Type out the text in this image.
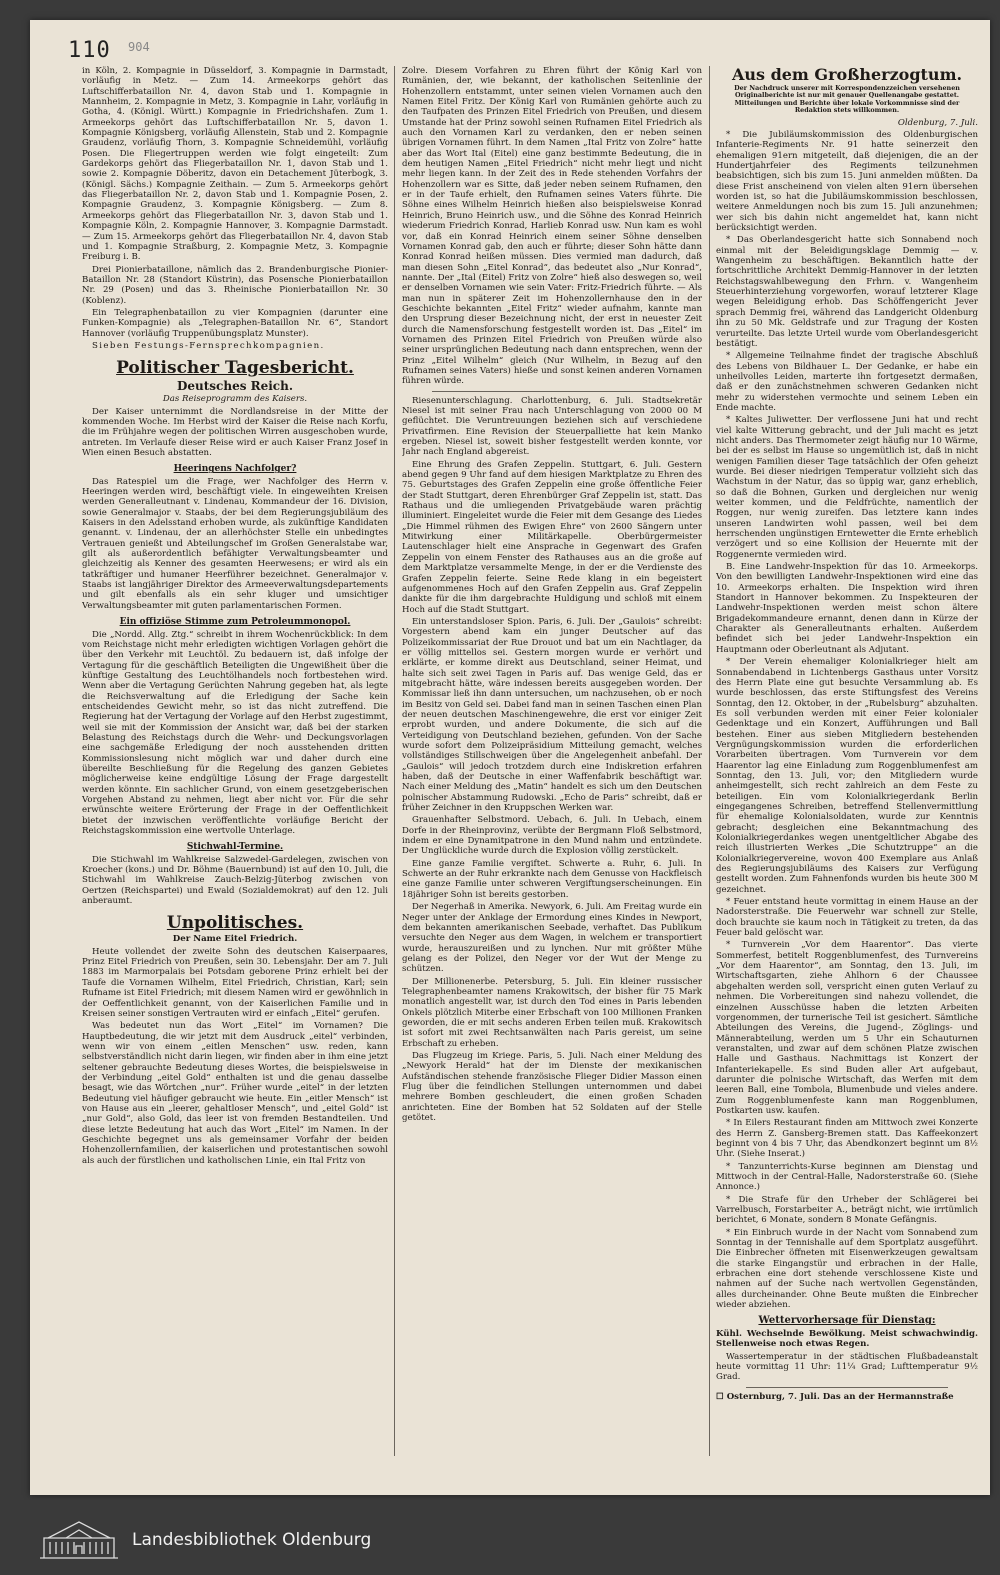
110 904

in Köln, 2. Kompagnie in Düsseldorf, 3. Kompagnie in Darmstadt, vorläufig in Metz. — Zum 14. Armeekorps gehört das Luftschifferbataillon Nr. 4, davon Stab und 1. Kompagnie in Mannheim, 2. Kompagnie in Metz, 3. Kompagnie in Lahr, vorläufig in Gotha, 4. (Königl. Württ.) Kompagnie in Friedrichshafen. Zum 1. Armeekorps gehört das Luftschifferbataillon Nr. 5, davon 1. Kompagnie Königsberg, vorläufig Allenstein, Stab und 2. Kompagnie Graudenz, vorläufig Thorn, 3. Kompagnie Schneidemühl, vorläufig Posen. Die Fliegertruppen werden wie folgt eingeteilt: Zum Gardekorps gehört das Fliegerbataillon Nr. 1, davon Stab und 1. sowie 2. Kompagnie Döberitz, davon ein Detachement Jüterbogk, 3. (Königl. Sächs.) Kompagnie Zeithain. — Zum 5. Armeekorps gehört das Fliegerbataillon Nr. 2, davon Stab und 1. Kompagnie Posen, 2. Kompagnie Graudenz, 3. Kompagnie Königsberg. — Zum 8. Armeekorps gehört das Fliegerbataillon Nr. 3, davon Stab und 1. Kompagnie Köln, 2. Kompagnie Hannover, 3. Kompagnie Darmstadt. — Zum 15. Armeekorps gehört das Fliegerbataillon Nr. 4, davon Stab und 1. Kompagnie Straßburg, 2. Kompagnie Metz, 3. Kompagnie Freiburg i. B.

Drei Pionierbataillone, nämlich das 2. Brandenburgische Pionier-Bataillon Nr. 28 (Standort Küstrin), das Posensche Pionierbataillon Nr. 29 (Posen) und das 3. Rheinische Pionierbataillon Nr. 30 (Koblenz).

Ein Telegraphenbataillon zu vier Kompagnien (darunter eine Funken-Kompagnie) als „Telegraphen-Bataillon Nr. 6“, Standort Hannover (vorläufig Truppenübungsplatz Munster).

Sieben Festungs-Fernsprechkompagnien.

Politischer Tagesbericht.
Deutsches Reich.
Das Reiseprogramm des Kaisers.

Der Kaiser unternimmt die Nordlandsreise in der Mitte der kommenden Woche. Im Herbst wird der Kaiser die Reise nach Korfu, die im Frühjahre wegen der politischen Wirren ausgeschoben wurde, antreten. Im Verlaufe dieser Reise wird er auch Kaiser Franz Josef in Wien einen Besuch abstatten.

Heeringens Nachfolger?

Das Ratespiel um die Frage, wer Nachfolger des Herrn v. Heeringen werden wird, beschäftigt viele. In eingeweihten Kreisen werden Generalleutnant v. Lindenau, Kommandeur der 16. Division, sowie Generalmajor v. Staabs, der bei dem Regierungsjubiläum des Kaisers in den Adelsstand erhoben wurde, als zukünftige Kandidaten genannt. v. Lindenau, der an allerhöchster Stelle ein unbedingtes Vertrauen genießt und Abteilungschef im Großen Generalstabe war, gilt als außerordentlich befähigter Verwaltungsbeamter und gleichzeitig als Kenner des gesamten Heerwesens; er wird als ein tatkräftiger und humaner Heerführer bezeichnet. Generalmajor v. Staabs ist langjähriger Direktor des Armeeverwaltungsdepartements und gilt ebenfalls als ein sehr kluger und umsichtiger Verwaltungsbeamter mit guten parlamentarischen Formen.

Ein offiziöse Stimme zum Petroleummonopol.

Die „Nordd. Allg. Ztg.“ schreibt in ihrem Wochenrückblick: In dem vom Reichstage nicht mehr erledigten wichtigen Vorlagen gehört die über den Verkehr mit Leuchtöl. Zu bedauern ist, daß infolge der Vertagung für die geschäftlich Beteiligten die Ungewißheit über die künftige Gestaltung des Leuchtölhandels noch fortbestehen wird. Wenn aber die Vertagung Gerüchten Nahrung gegeben hat, als legte die Reichsverwaltung auf die Erledigung der Sache kein entscheidendes Gewicht mehr, so ist das nicht zutreffend. Die Regierung hat der Vertagung der Vorlage auf den Herbst zugestimmt, weil sie mit der Kommission der Ansicht war, daß bei der starken Belastung des Reichstags durch die Wehr- und Deckungsvorlagen eine sachgemäße Erledigung der noch ausstehenden dritten Kommissionslesung nicht möglich war und daher durch eine übereilte Beschließung für die Regelung des ganzen Gebietes möglicherweise keine endgültige Lösung der Frage dargestellt werden könnte. Ein sachlicher Grund, von einem gesetzgeberischen Vorgehen Abstand zu nehmen, liegt aber nicht vor. Für die sehr erwünschte weitere Erörterung der Frage in der Oeffentlichkeit bietet der inzwischen veröffentlichte vorläufige Bericht der Reichstagskommission eine wertvolle Unterlage.

Stichwahl-Termine.

Die Stichwahl im Wahlkreise Salzwedel-Gardelegen, zwischen von Kroecher (kons.) und Dr. Böhme (Bauernbund) ist auf den 10. Juli, die Stichwahl im Wahlkreise Zauch-Belzig-Jüterbog zwischen von Oertzen (Reichspartei) und Ewald (Sozialdemokrat) auf den 12. Juli anberaumt.

Unpolitisches.
Der Name Eitel Friedrich.

Heute vollendet der zweite Sohn des deutschen Kaiserpaares, Prinz Eitel Friedrich von Preußen, sein 30. Lebensjahr. Der am 7. Juli 1883 im Marmorpalais bei Potsdam geborene Prinz erhielt bei der Taufe die Vornamen Wilhelm, Eitel Friedrich, Christian, Karl; sein Rufname ist Eitel Friedrich; mit diesem Namen wird er gewöhnlich in der Oeffentlichkeit genannt, von der Kaiserlichen Familie und in Kreisen seiner sonstigen Vertrauten wird er einfach „Eitel“ gerufen.

Was bedeutet nun das Wort „Eitel“ im Vornamen? Die Hauptbedeutung, die wir jetzt mit dem Ausdruck „eitel“ verbinden, wenn wir von einem „eitlen Menschen“ usw. reden, kann selbstverständlich nicht darin liegen, wir finden aber in ihm eine jetzt seltener gebrauchte Bedeutung dieses Wortes, die beispielsweise in der Verbindung „eitel Gold“ enthalten ist und die genau dasselbe besagt, wie das Wörtchen „nur“. Früher wurde „eitel“ in der letzten Bedeutung viel häufiger gebraucht wie heute. Ein „eitler Mensch“ ist von Hause aus ein „leerer, gehaltloser Mensch“, und „eitel Gold“ ist „nur Gold“, also Gold, das leer ist von fremden Bestandteilen. Und diese letzte Bedeutung hat auch das Wort „Eitel“ im Namen. In der Geschichte begegnet uns als gemeinsamer Vorfahr der beiden Hohenzollernfamilien, der kaiserlichen und protestantischen sowohl als auch der fürstlichen und katholischen Linie, ein Ital Fritz von

Zolre. Diesem Vorfahren zu Ehren führt der König Karl von Rumänien, der, wie bekannt, der katholischen Seitenlinie der Hohenzollern entstammt, unter seinen vielen Vornamen auch den Namen Eitel Fritz. Der König Karl von Rumänien gehörte auch zu den Taufpaten des Prinzen Eitel Friedrich von Preußen, und diesem Umstande hat der Prinz sowohl seinen Rufnamen Eitel Friedrich als auch den Vornamen Karl zu verdanken, den er neben seinen übrigen Vornamen führt. In dem Namen „Ital Fritz von Zolre“ hatte aber das Wort Ital (Eitel) eine ganz bestimmte Bedeutung, die in dem heutigen Namen „Eitel Friedrich“ nicht mehr liegt und nicht mehr liegen kann. In der Zeit des in Rede stehenden Vorfahrs der Hohenzollern war es Sitte, daß jeder neben seinem Rufnamen, den er in der Taufe erhielt, den Rufnamen seines Vaters führte. Die Söhne eines Wilhelm Heinrich hießen also beispielsweise Konrad Heinrich, Bruno Heinrich usw., und die Söhne des Konrad Heinrich wiederum Friedrich Konrad, Harlieb Konrad usw. Nun kam es wohl vor, daß ein Konrad Heinrich einem seiner Söhne denselben Vornamen Konrad gab, den auch er führte; dieser Sohn hätte dann Konrad Konrad heißen müssen. Dies vermied man dadurch, daß man diesen Sohn „Eitel Konrad“, das bedeutet also „Nur Konrad“, nannte. Der „Ital (Eitel) Fritz von Zolre“ hieß also deswegen so, weil er denselben Vornamen wie sein Vater: Fritz-Friedrich führte. — Als man nun in späterer Zeit im Hohenzollernhause den in der Geschichte bekannten „Eitel Fritz“ wieder aufnahm, kannte man den Ursprung dieser Bezeichnung nicht, der erst in neuester Zeit durch die Namensforschung festgestellt worden ist. Das „Eitel“ im Vornamen des Prinzen Eitel Friedrich von Preußen würde also seiner ursprünglichen Bedeutung nach dann entsprechen, wenn der Prinz „Eitel Wilhelm“ gleich (Nur Wilhelm, in Bezug auf den Rufnamen seines Vaters) hieße und sonst keinen anderen Vornamen führen würde.

Riesenunterschlagung. Charlottenburg, 6. Juli. Stadtsekretär Niesel ist mit seiner Frau nach Unterschlagung von 2000 00 M geflüchtet. Die Veruntreuungen beziehen sich auf verschiedene Privatfirmen. Eine Revision der Steuerpalliette hat kein Manko ergeben. Niesel ist, soweit bisher festgestellt werden konnte, vor Jahr nach England abgereist.

Eine Ehrung des Grafen Zeppelin. Stuttgart, 6. Juli. Gestern abend gegen 9 Uhr fand auf dem hiesigen Marktplatze zu Ehren des 75. Geburtstages des Grafen Zeppelin eine große öffentliche Feier der Stadt Stuttgart, deren Ehrenbürger Graf Zeppelin ist, statt. Das Rathaus und die umliegenden Privatgebäude waren prächtig illuminiert. Eingeleitet wurde die Feier mit dem Gesange des Liedes „Die Himmel rühmen des Ewigen Ehre“ von 2600 Sängern unter Mitwirkung einer Militärkapelle. Oberbürgermeister Lautenschlager hielt eine Ansprache in Gegenwart des Grafen Zeppelin von einem Fenster des Rathauses aus an die große auf dem Marktplatze versammelte Menge, in der er die Verdienste des Grafen Zeppelin feierte. Seine Rede klang in ein begeistert aufgenommenes Hoch auf den Grafen Zeppelin aus. Graf Zeppelin dankte für die ihm dargebrachte Huldigung und schloß mit einem Hoch auf die Stadt Stuttgart.

Ein unterstandsloser Spion. Paris, 6. Juli. Der „Gaulois“ schreibt: Vorgestern abend kam ein junger Deutscher auf das Polizeikommissariat der Rue Drouot und bat um ein Nachtlager, da er völlig mittellos sei. Gestern morgen wurde er verhört und erklärte, er komme direkt aus Deutschland, seiner Heimat, und halte sich seit zwei Tagen in Paris auf. Das wenige Geld, das er mitgebracht hätte, wäre indessen bereits ausgegeben worden. Der Kommissar ließ ihn dann untersuchen, um nachzusehen, ob er noch im Besitz von Geld sei. Dabei fand man in seinen Taschen einen Plan der neuen deutschen Maschinengewehre, die erst vor einiger Zeit erprobt wurden, und andere Dokumente, die sich auf die Verteidigung von Deutschland beziehen, gefunden. Von der Sache wurde sofort dem Polizeipräsidium Mitteilung gemacht, welches vollständiges Stillschweigen über die Angelegenheit anbefahl. Der „Gaulois“ will jedoch trotzdem durch eine Indiskretion erfahren haben, daß der Deutsche in einer Waffenfabrik beschäftigt war. Nach einer Meldung des „Matin“ handelt es sich um den Deutschen polnischer Abstammung Rudowski. „Echo de Paris“ schreibt, daß er früher Zeichner in den Kruppschen Werken war.

Grauenhafter Selbstmord. Uebach, 6. Juli. In Uebach, einem Dorfe in der Rheinprovinz, verübte der Bergmann Floß Selbstmord, indem er eine Dynamitpatrone in den Mund nahm und entzündete. Der Unglückliche wurde durch die Explosion völlig zerstückelt.

Eine ganze Familie vergiftet. Schwerte a. Ruhr, 6. Juli. In Schwerte an der Ruhr erkrankte nach dem Genusse von Hackfleisch eine ganze Familie unter schweren Vergiftungserscheinungen. Ein 18jähriger Sohn ist bereits gestorben.

Der Negerhaß in Amerika. Newyork, 6. Juli. Am Freitag wurde ein Neger unter der Anklage der Ermordung eines Kindes in Newport, dem bekannten amerikanischen Seebade, verhaftet. Das Publikum versuchte den Neger aus dem Wagen, in welchem er transportiert wurde, herauszureißen und zu lynchen. Nur mit größter Mühe gelang es der Polizei, den Neger vor der Wut der Menge zu schützen.

Der Millionenerbe. Petersburg, 5. Juli. Ein kleiner russischer Telegraphenbeamter namens Krakowitsch, der bisher für 75 Mark monatlich angestellt war, ist durch den Tod eines in Paris lebenden Onkels plötzlich Miterbe einer Erbschaft von 100 Millionen Franken geworden, die er mit sechs anderen Erben teilen muß. Krakowitsch ist sofort mit zwei Rechtsanwälten nach Paris gereist, um seine Erbschaft zu erheben.

Das Flugzeug im Kriege. Paris, 5. Juli. Nach einer Meldung des „Newyork Herald“ hat der im Dienste der mexikanischen Aufständischen stehende französische Flieger Didier Masson einen Flug über die feindlichen Stellungen unternommen und dabei mehrere Bomben geschleudert, die einen großen Schaden anrichteten. Eine der Bomben hat 52 Soldaten auf der Stelle getötet.

Aus dem Großherzogtum.
Der Nachdruck unserer mit Korrespondenzzeichen versehenen Originalberichte ist nur mit genauer Quellenangabe gestattet. Mitteilungen und Berichte über lokale Vorkommnisse sind der Redaktion stets willkommen.
Oldenburg, 7. Juli.

* Die Jubiläumskommission des Oldenburgischen Infanterie-Regiments Nr. 91 hatte seinerzeit den ehemaligen 91ern mitgeteilt, daß diejenigen, die an der Hundertjahrfeier des Regiments teilzunehmen beabsichtigen, sich bis zum 15. Juni anmelden müßten. Da diese Frist anscheinend von vielen alten 91ern übersehen worden ist, so hat die Jubiläumskommission beschlossen, weitere Anmeldungen noch bis zum 15. Juli anzunehmen; wer sich bis dahin nicht angemeldet hat, kann nicht berücksichtigt werden.

* Das Oberlandesgericht hatte sich Sonnabend noch einmal mit der Beleidigungsklage Demmig — v. Wangenheim zu beschäftigen. Bekanntlich hatte der fortschrittliche Architekt Demmig-Hannover in der letzten Reichstagswahlbewegung den Frhrn. v. Wangenheim Steuerhinterziehung vorgeworfen, worauf letzterer Klage wegen Beleidigung erhob. Das Schöffengericht Jever sprach Demmig frei, während das Landgericht Oldenburg ihn zu 50 Mk. Geldstrafe und zur Tragung der Kosten verurteilte. Das letzte Urteil wurde vom Oberlandesgericht bestätigt.

* Allgemeine Teilnahme findet der tragische Abschluß des Lebens von Bildhauer L. Der Gedanke, er habe ein unheilvolles Leiden, marterte ihn fortgesetzt dermaßen, daß er den zunächstnehmen schweren Gedanken nicht mehr zu widerstehen vermochte und seinem Leben ein Ende machte.

* Kaltes Juliwetter. Der verflossene Juni hat und recht viel kalte Witterung gebracht, und der Juli macht es jetzt nicht anders. Das Thermometer zeigt häufig nur 10 Wärme, bei der es selbst im Hause so ungemütlich ist, daß in nicht wenigen Familien dieser Tage tatsächlich der Ofen geheizt wurde. Bei dieser niedrigen Temperatur vollzieht sich das Wachstum in der Natur, das so üppig war, ganz erheblich, so daß die Bohnen, Gurken und dergleichen nur wenig weiter kommen, und die Feldfrüchte, namentlich der Roggen, nur wenig zureifen. Das letztere kann indes unseren Landwirten wohl passen, weil bei dem herrschenden ungünstigen Erntewetter die Ernte erheblich verzögert und so eine Kollision der Heuernte mit der Roggenernte vermieden wird.

B. Eine Landwehr-Inspektion für das 10. Armeekorps. Von den bewilligten Landwehr-Inspektionen wird eine das 10. Armeekorps erhalten. Die Inspektion wird ihren Standort in Hannover bekommen. Zu Inspekteuren der Landwehr-Inspektionen werden meist schon ältere Brigadekommandeure ernannt, denen dann in Kürze der Charakter als Generalleutnants erhalten. Außerdem befindet sich bei jeder Landwehr-Inspektion ein Hauptmann oder Oberleutnant als Adjutant.

* Der Verein ehemaliger Kolonialkrieger hielt am Sonnabendabend in Lichtenbergs Gasthaus unter Vorsitz des Herrn Plate eine gut besuchte Versammlung ab. Es wurde beschlossen, das erste Stiftungsfest des Vereins Sonntag, den 12. Oktober, in der „Rubelsburg“ abzuhalten. Es soll verbunden werden mit einer Feier kolonialer Gedenktage und ein Konzert, Aufführungen und Ball bestehen. Einer aus sieben Mitgliedern bestehenden Vergnügungskommission wurden die erforderlichen Vorarbeiten übertragen. Vom Turnverein vor dem Haarentor lag eine Einladung zum Roggenblumenfest am Sonntag, den 13. Juli, vor; den Mitgliedern wurde anheimgestellt, sich recht zahlreich an dem Feste zu beteiligen. Ein vom Kolonialkriegerdank Berlin eingegangenes Schreiben, betreffend Stellenvermittlung für ehemalige Kolonialsoldaten, wurde zur Kenntnis gebracht; desgleichen eine Bekanntmachung des Kolonialkriegerdankes wegen unentgeltlicher Abgabe des reich illustrierten Werkes „Die Schutztruppe“ an die Kolonialkriegervereine, wovon 400 Exemplare aus Anlaß des Regierungsjubiläums des Kaisers zur Verfügung gestellt worden. Zum Fahnenfonds wurden bis heute 300 M gezeichnet.

* Feuer entstand heute vormittag in einem Hause an der Nadorsterstraße. Die Feuerwehr war schnell zur Stelle, doch brauchte sie kaum noch in Tätigkeit zu treten, da das Feuer bald gelöscht war.

* Turnverein „Vor dem Haarentor“. Das vierte Sommerfest, betitelt Roggenblumenfest, des Turnvereins „Vor dem Haarentor“, am Sonntag, den 13. Juli, im Wirtschaftsgarten, ziehe Ahlhorn 6 der Chaussee abgehalten werden soll, verspricht einen guten Verlauf zu nehmen. Die Vorbereitungen sind nahezu vollendet, die einzelnen Ausschüsse haben die letzten Arbeiten vorgenommen, der turnerische Teil ist gesichert. Sämtliche Abteilungen des Vereins, die Jugend-, Zöglings- und Männerabteilung, werden um 5 Uhr ein Schauturnen veranstalten, und zwar auf dem schönen Platze zwischen Halle und Gasthaus. Nachmittags ist Konzert der Infanteriekapelle. Es sind Buden aller Art aufgebaut, darunter die polnische Wirtschaft, das Werfen mit dem leeren Ball, eine Tombola, Blumenbude und vieles andere. Zum Roggenblumenfeste kann man Roggenblumen, Postkarten usw. kaufen.

* In Eilers Restaurant finden am Mittwoch zwei Konzerte des Herrn Z. Gansberg-Bremen statt. Das Kaffeekonzert beginnt von 4 bis 7 Uhr, das Abendkonzert beginnt um 8½ Uhr. (Siehe Inserat.)

* Tanzunterrichts-Kurse beginnen am Dienstag und Mittwoch in der Central-Halle, Nadorsterstraße 60. (Siehe Annonce.)

* Die Strafe für den Urheber der Schlägerei bei Varrelbusch, Forstarbeiter A., beträgt nicht, wie irrtümlich berichtet, 6 Monate, sondern 8 Monate Gefängnis.

* Ein Einbruch wurde in der Nacht vom Sonnabend zum Sonntag in der Tennishalle auf dem Sportplatz ausgeführt. Die Einbrecher öffneten mit Eisenwerkzeugen gewaltsam die starke Eingangstür und erbrachen in der Halle, erbrachen eine dort stehende verschlossene Kiste und nahmen auf der Suche nach wertvollen Gegenständen, alles durcheinander. Ohne Beute mußten die Einbrecher wieder abziehen.

Wettervorhersage für Dienstag:

Kühl. Wechselnde Bewölkung. Meist schwachwindig. Stellenweise noch etwas Regen.

Wassertemperatur in der städtischen Flußbadeanstalt heute vormittag 11 Uhr: 11¼ Grad; Lufttemperatur 9½ Grad.

☐ Osternburg, 7. Juli. Das an der Hermannstraße

Landesbibliothek Oldenburg
